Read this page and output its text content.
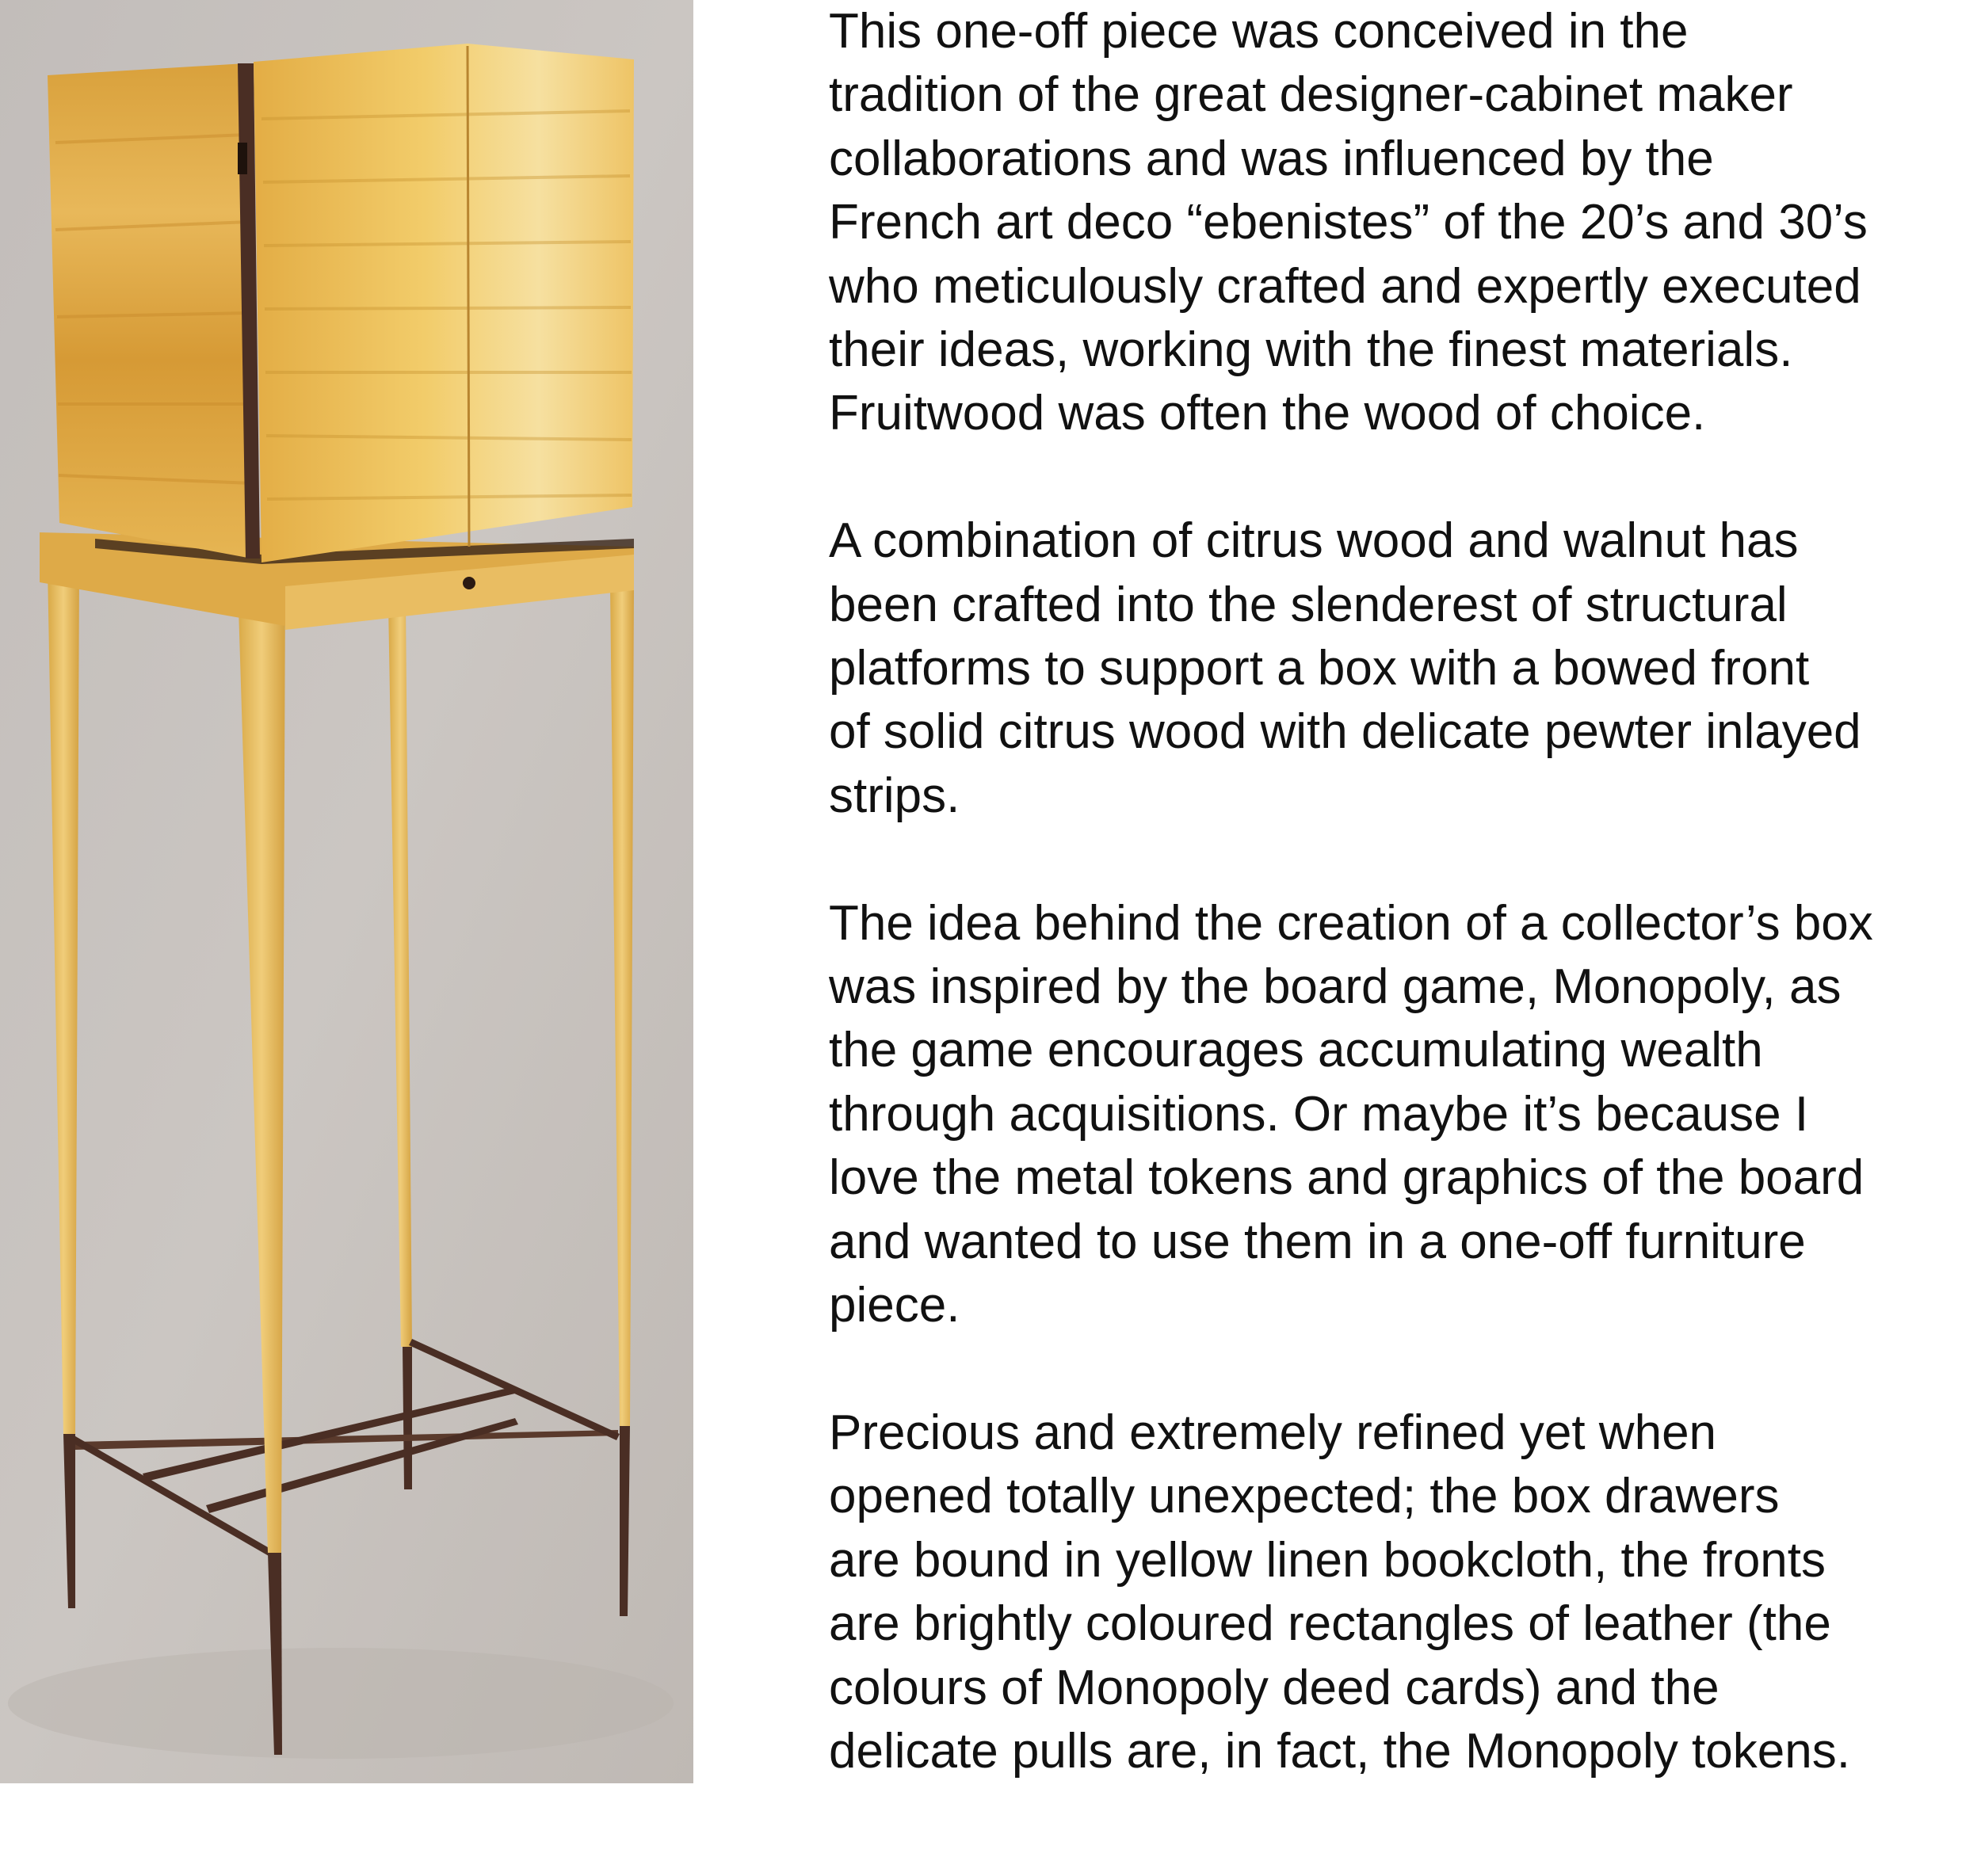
This one-off piece was conceived in the
tradition of the great designer-cabinet maker
collaborations and was influenced by the
French art deco “ebenistes” of the 20’s and 30’s
who meticulously crafted and expertly executed
their ideas, working with the finest materials.
Fruitwood was often the wood of choice.
A combination of citrus wood and walnut has
been crafted into the slenderest of structural
platforms to support a box with a bowed front
of solid citrus wood with delicate pewter inlayed
strips.
The idea behind the creation of a collector’s box
was inspired by the board game, Monopoly, as
the game encourages accumulating wealth
through acquisitions. Or maybe it’s because I
love the metal tokens and graphics of the board
and wanted to use them in a one-off furniture
piece.
Precious and extremely refined yet when
opened totally unexpected; the box drawers
are bound in yellow linen bookcloth, the fronts
are brightly coloured rectangles of leather (the
colours of Monopoly deed cards) and the
delicate pulls are, in fact, the Monopoly tokens.
